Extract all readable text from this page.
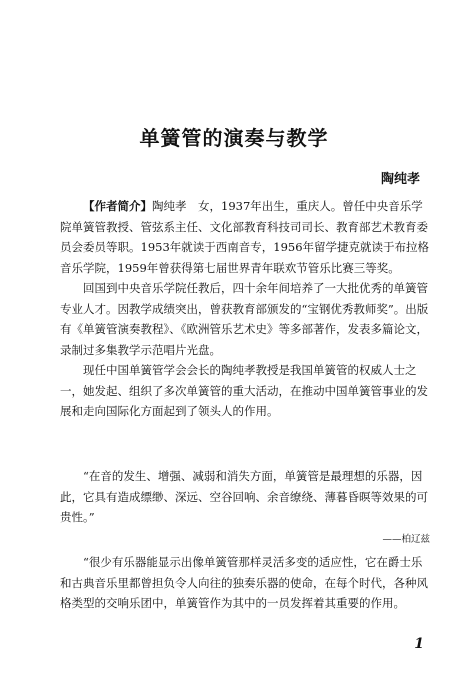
单簧管的演奏与教学
陶纯孝

【作者简介】陶纯孝　女，1937年出生，重庆人。曾任中央音乐学院单簧管教授、管弦系主任、文化部教育科技司司长、教育部艺术教育委员会委员等职。1953年就读于西南音专，1956年留学捷克就读于布拉格音乐学院，1959年曾获得第七届世界青年联欢节管乐比赛三等奖。

回国到中央音乐学院任教后，四十余年间培养了一大批优秀的单簧管专业人才。因教学成绩突出，曾获教育部颁发的“宝钢优秀教师奖”。出版有《单簧管演奏教程》、《欧洲管乐艺术史》等多部著作，发表多篇论文，录制过多集教学示范唱片光盘。

现任中国单簧管学会会长的陶纯孝教授是我国单簧管的权威人士之一，她发起、组织了多次单簧管的重大活动，在推动中国单簧管事业的发展和走向国际化方面起到了领头人的作用。

“在音的发生、增强、减弱和消失方面，单簧管是最理想的乐器，因此，它具有造成缥缈、深远、空谷回响、余音缭绕、薄暮昏暝等效果的可贵性。”

——柏辽兹

“很少有乐器能显示出像单簧管那样灵活多变的适应性，它在爵士乐和古典音乐里都曾担负令人向往的独奏乐器的使命，在每个时代，各种风格类型的交响乐团中，单簧管作为其中的一员发挥着其重要的作用。

1
